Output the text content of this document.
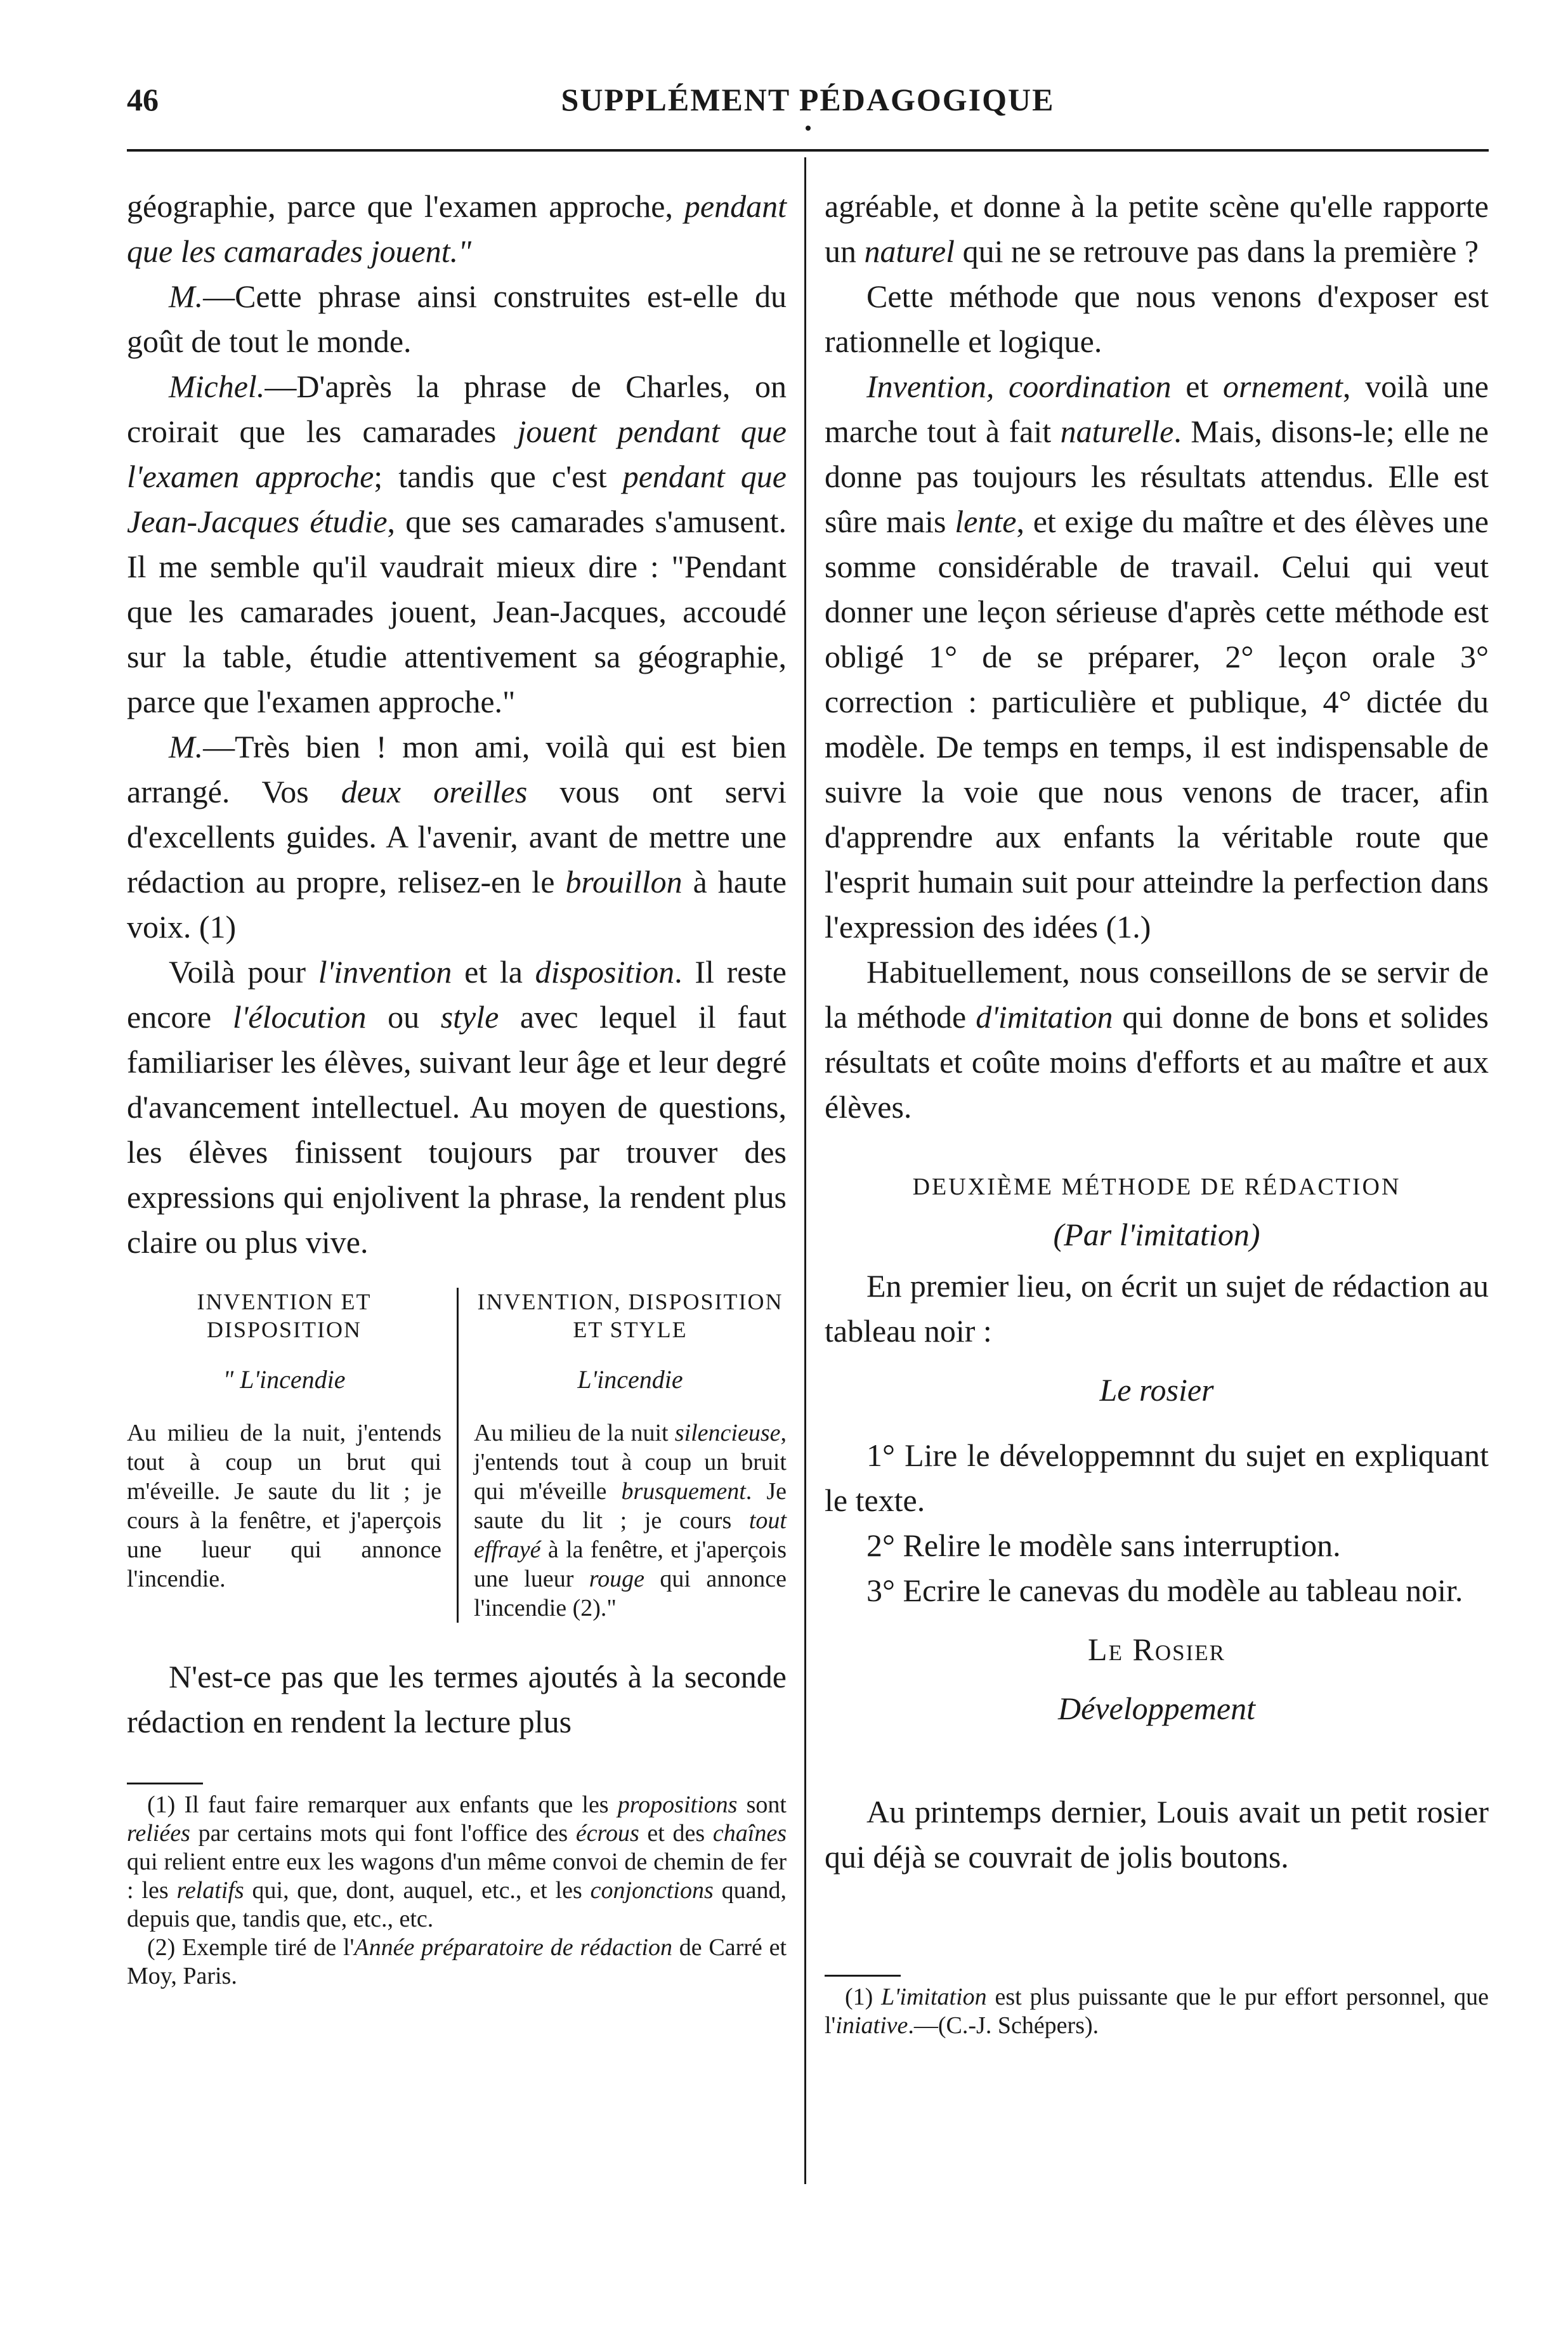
46	SUPPLÉMENT PÉDAGOGIQUE

géographie, parce que l'examen approche, pendant que les camarades jouent."

M.—Cette phrase ainsi construites est-elle du goût de tout le monde.

Michel.—D'après la phrase de Charles, on croirait que les camarades jouent pendant que l'examen approche; tandis que c'est pendant que Jean-Jacques étudie, que ses camarades s'amusent. Il me semble qu'il vaudrait mieux dire : "Pendant que les camarades jouent, Jean-Jacques, accoudé sur la table, étudie attentivement sa géographie, parce que l'examen approche."

M.—Très bien ! mon ami, voilà qui est bien arrangé. Vos deux oreilles vous ont servi d'excellents guides. A l'avenir, avant de mettre une rédaction au propre, relisez-en le brouillon à haute voix. (1)

Voilà pour l'invention et la disposition. Il reste encore l'élocution ou style avec lequel il faut familiariser les élèves, suivant leur âge et leur degré d'avancement intellectuel. Au moyen de questions, les élèves finissent toujours par trouver des expressions qui enjolivent la phrase, la rendent plus claire ou plus vive.

INVENTION ET DISPOSITION
" L'incendie
Au milieu de la nuit, j'entends tout à coup un brut qui m'éveille. Je saute du lit ; je cours à la fenêtre, et j'aperçois une lueur qui annonce l'incendie.
INVENTION, DISPOSITION ET STYLE
L'incendie
Au milieu de la nuit silencieuse, j'entends tout à coup un bruit qui m'éveille brusquement. Je saute du lit ; je cours tout effrayé à la fenêtre, et j'aperçois une lueur rouge qui annonce l'incendie (2)."

N'est-ce pas que les termes ajoutés à la seconde rédaction en rendent la lecture plus

(1) Il faut faire remarquer aux enfants que les propositions sont reliées par certains mots qui font l'office des écrous et des chaînes qui relient entre eux les wagons d'un même convoi de chemin de fer : les relatifs qui, que, dont, auquel, etc., et les conjonctions quand, depuis que, tandis que, etc., etc.

(2) Exemple tiré de l'Année préparatoire de rédaction de Carré et Moy, Paris.

agréable, et donne à la petite scène qu'elle rapporte un naturel qui ne se retrouve pas dans la première ?

Cette méthode que nous venons d'exposer est rationnelle et logique.

Invention, coordination et ornement, voilà une marche tout à fait naturelle. Mais, disons-le; elle ne donne pas toujours les résultats attendus. Elle est sûre mais lente, et exige du maître et des élèves une somme considérable de travail. Celui qui veut donner une leçon sérieuse d'après cette méthode est obligé 1° de se préparer, 2° leçon orale 3° correction : particulière et publique, 4° dictée du modèle. De temps en temps, il est indispensable de suivre la voie que nous venons de tracer, afin d'apprendre aux enfants la véritable route que l'esprit humain suit pour atteindre la perfection dans l'expression des idées (1.)

Habituellement, nous conseillons de se servir de la méthode d'imitation qui donne de bons et solides résultats et coûte moins d'efforts et au maître et aux élèves.

DEUXIÈME MÉTHODE DE RÉDACTION
(Par l'imitation)

En premier lieu, on écrit un sujet de rédaction au tableau noir :

Le rosier

1° Lire le développemnnt du sujet en expliquant le texte.

2° Relire le modèle sans interruption.

3° Ecrire le canevas du modèle au tableau noir.

Le Rosier
Développement

Au printemps dernier, Louis avait un petit rosier qui déjà se couvrait de jolis boutons.

(1) L'imitation est plus puissante que le pur effort personnel, que l'iniative.—(C.-J. Schépers).
